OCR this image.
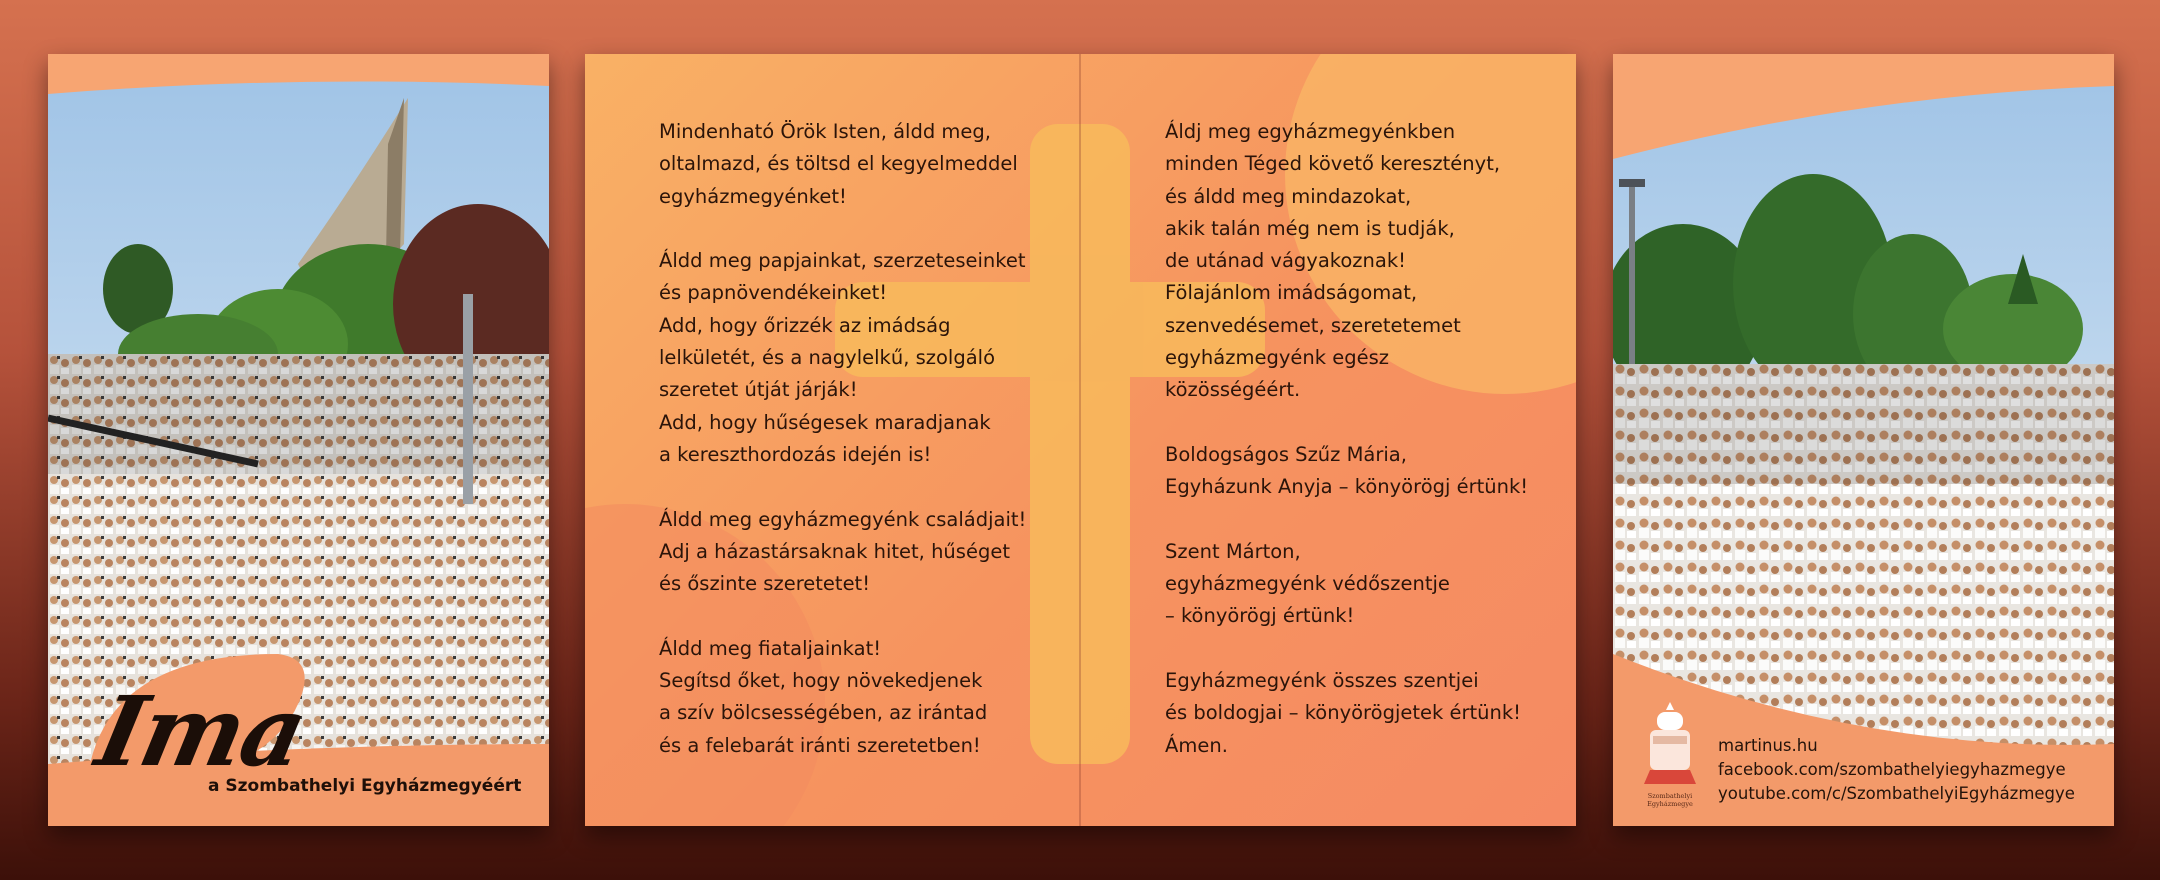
Ima
a Szombathelyi Egyházmegyéért
Mindenható Örök Isten, áldd meg,
oltalmazd, és töltsd el kegyelmeddel
egyházmegyénket!
Áldd meg papjainkat, szerzeteseinket
és papnövendékeinket!
Add, hogy őrizzék az imádság
lelkületét, és a nagylelkű, szolgáló
szeretet útját járják!
Add, hogy hűségesek maradjanak
a kereszthordozás idején is!
Áldd meg egyházmegyénk családjait!
Adj a házastársaknak hitet, hűséget
és őszinte szeretetet!
Áldd meg fiataljainkat!
Segítsd őket, hogy növekedjenek
a szív bölcsességében, az irántad
és a felebarát iránti szeretetben!
Áldj meg egyházmegyénkben
minden Téged követő keresztényt,
és áldd meg mindazokat,
akik talán még nem is tudják,
de utánad vágyakoznak!
Fölajánlom imádságomat,
szenvedésemet, szeretetemet
egyházmegyénk egész
közösségéért.
Boldogságos Szűz Mária,
Egyházunk Anyja – könyörögj értünk!
Szent Márton,
egyházmegyénk védőszentje
– könyörögj értünk!
Egyházmegyénk összes szentjei
és boldogjai – könyörögjetek értünk!
Ámen.
Szombathelyi
Egyházmegye
martinus.hu
facebook.com/szombathelyiegyhazmegye
youtube.com/c/SzombathelyiEgyházmegye
